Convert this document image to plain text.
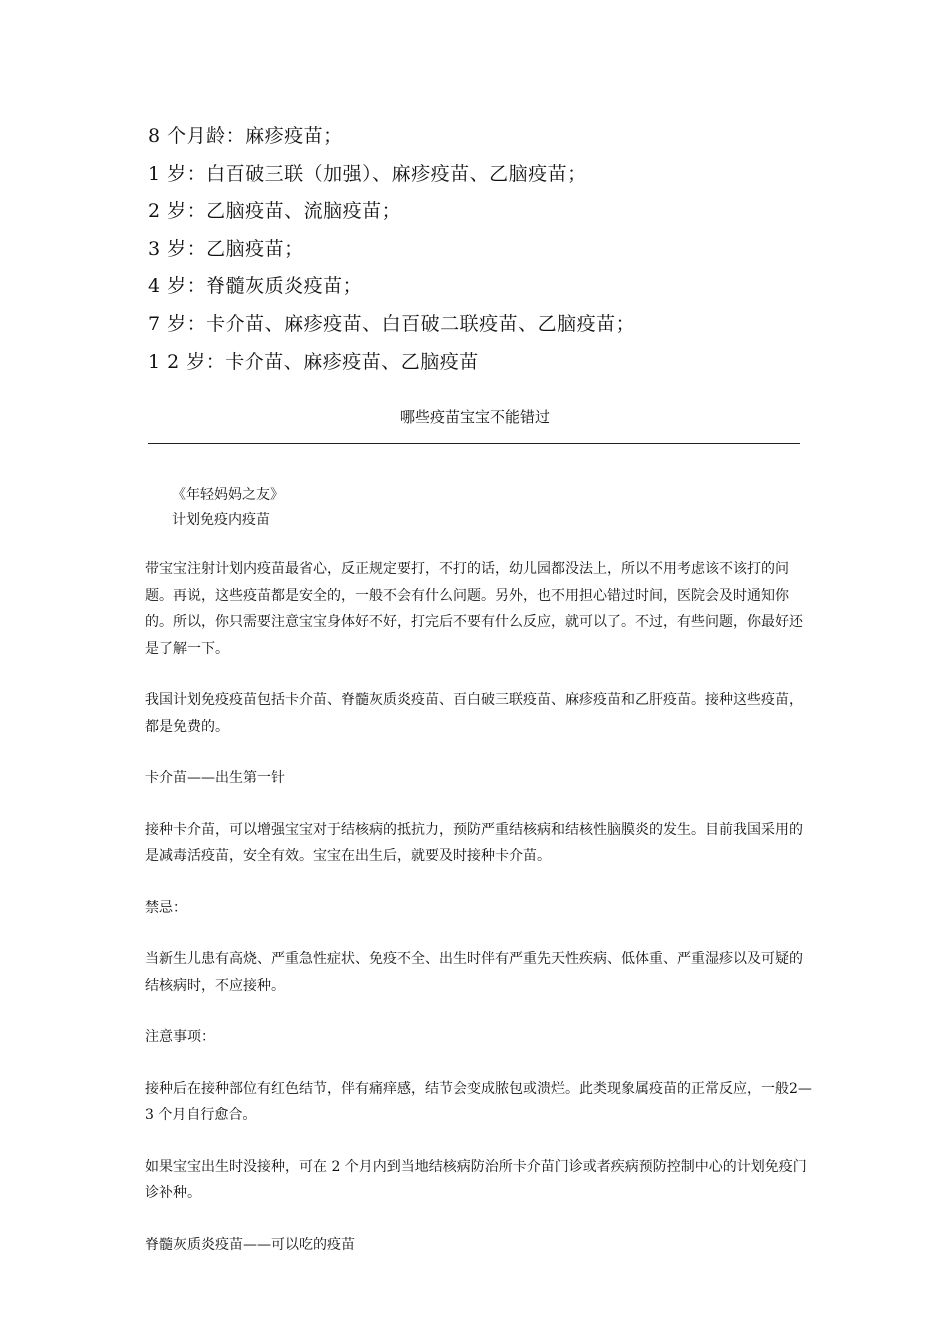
8 个月龄：麻疹疫苗；
1 岁：白百破三联（加强）、麻疹疫苗、乙脑疫苗；
2 岁：乙脑疫苗、流脑疫苗；
3 岁：乙脑疫苗；
4 岁：脊髓灰质炎疫苗；
7 岁：卡介苗、麻疹疫苗、白百破二联疫苗、乙脑疫苗；
1 2 岁：卡介苗、麻疹疫苗、乙脑疫苗
哪些疫苗宝宝不能错过
《年轻妈妈之友》
计划免疫内疫苗

带宝宝注射计划内疫苗最省心，反正规定要打，不打的话，幼儿园都没法上，所以不用考虑该不该打的问题。再说，这些疫苗都是安全的，一般不会有什么问题。另外，也不用担心错过时间，医院会及时通知你的。所以，你只需要注意宝宝身体好不好，打完后不要有什么反应，就可以了。不过，有些问题，你最好还是了解一下。

我国计划免疫疫苗包括卡介苗、脊髓灰质炎疫苗、百白破三联疫苗、麻疹疫苗和乙肝疫苗。接种这些疫苗，都是免费的。

卡介苗——出生第一针

接种卡介苗，可以增强宝宝对于结核病的抵抗力，预防严重结核病和结核性脑膜炎的发生。目前我国采用的是减毒活疫苗，安全有效。宝宝在出生后，就要及时接种卡介苗。

禁忌：

当新生儿患有高烧、严重急性症状、免疫不全、出生时伴有严重先天性疾病、低体重、严重湿疹以及可疑的结核病时，不应接种。

注意事项：

接种后在接种部位有红色结节，伴有痛痒感，结节会变成脓包或溃烂。此类现象属疫苗的正常反应，一般2—3 个月自行愈合。

如果宝宝出生时没接种，可在 2 个月内到当地结核病防治所卡介苗门诊或者疾病预防控制中心的计划免疫门诊补种。

脊髓灰质炎疫苗——可以吃的疫苗
